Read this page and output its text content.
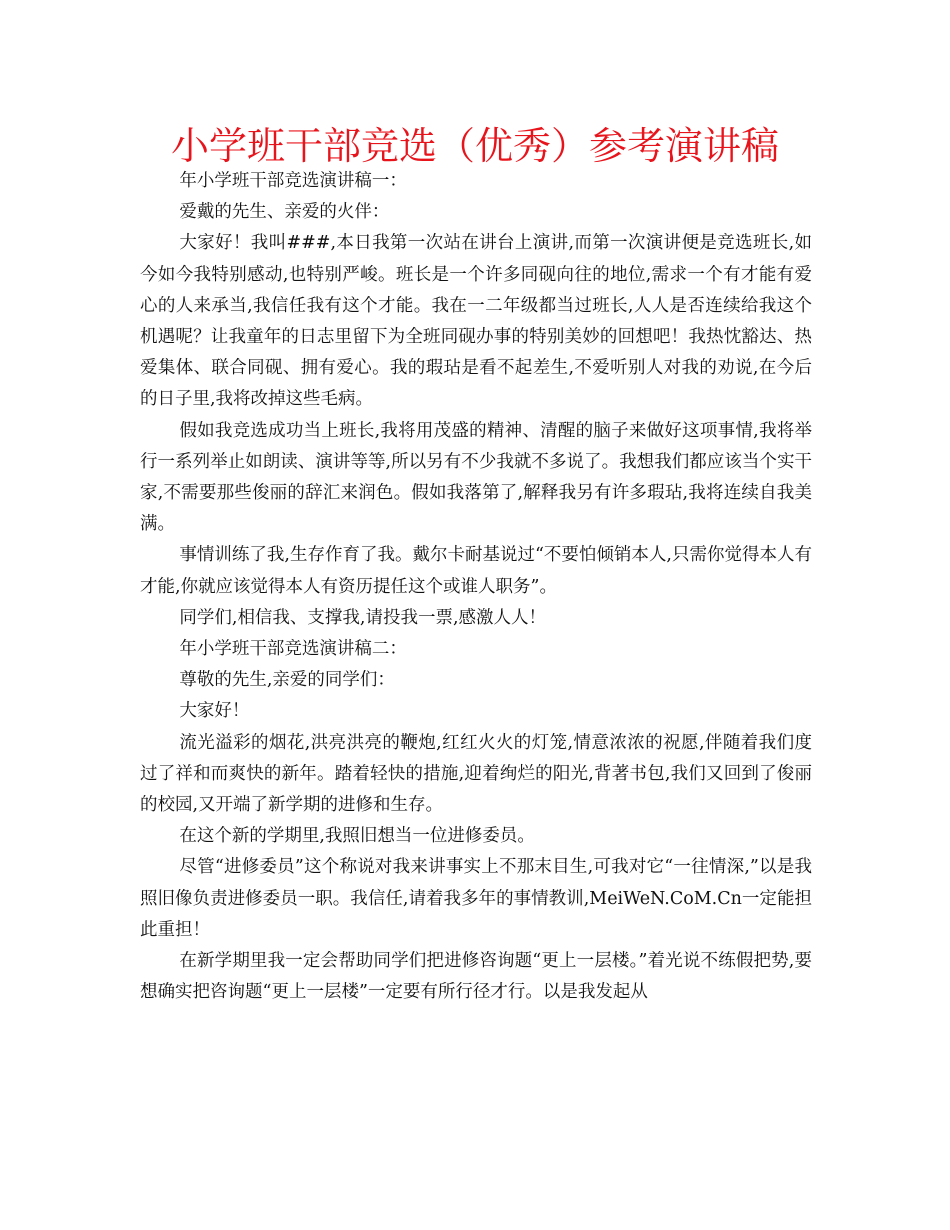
小学班干部竞选（优秀）参考演讲稿

年小学班干部竞选演讲稿一：

爱戴的先生、亲爱的火伴：

大家好！我叫###,本日我第一次站在讲台上演讲,而第一次演讲便是竞选班长,如今如今我特别感动,也特别严峻。班长是一个许多同砚向往的地位,需求一个有才能有爱心的人来承当,我信任我有这个才能。我在一二年级都当过班长,人人是否连续给我这个机遇呢？让我童年的日志里留下为全班同砚办事的特别美妙的回想吧！我热忱豁达、热爱集体、联合同砚、拥有爱心。我的瑕玷是看不起差生,不爱听别人对我的劝说,在今后的日子里,我将改掉这些毛病。

假如我竞选成功当上班长,我将用茂盛的精神、清醒的脑子来做好这项事情,我将举行一系列举止如朗读、演讲等等,所以另有不少我就不多说了。我想我们都应该当个实干家,不需要那些俊丽的辞汇来润色。假如我落第了,解释我另有许多瑕玷,我将连续自我美满。

事情训练了我,生存作育了我。戴尔卡耐基说过“不要怕倾销本人,只需你觉得本人有才能,你就应该觉得本人有资历提任这个或谁人职务”。

同学们,相信我、支撑我,请投我一票,感激人人！

年小学班干部竞选演讲稿二：

尊敬的先生,亲爱的同学们：

大家好！

流光溢彩的烟花,洪亮洪亮的鞭炮,红红火火的灯笼,情意浓浓的祝愿,伴随着我们度过了祥和而爽快的新年。踏着轻快的措施,迎着绚烂的阳光,背著书包,我们又回到了俊丽的校园,又开端了新学期的进修和生存。

在这个新的学期里,我照旧想当一位进修委员。

尽管“进修委员”这个称说对我来讲事实上不那末目生,可我对它“一往情深,”以是我照旧像负责进修委员一职。我信任,请着我多年的事情教训,MeiWeN.CoM.Cn一定能担此重担！

在新学期里我一定会帮助同学们把进修咨询题“更上一层楼。”着光说不练假把势,要想确实把咨询题“更上一层楼”一定要有所行径才行。以是我发起从
